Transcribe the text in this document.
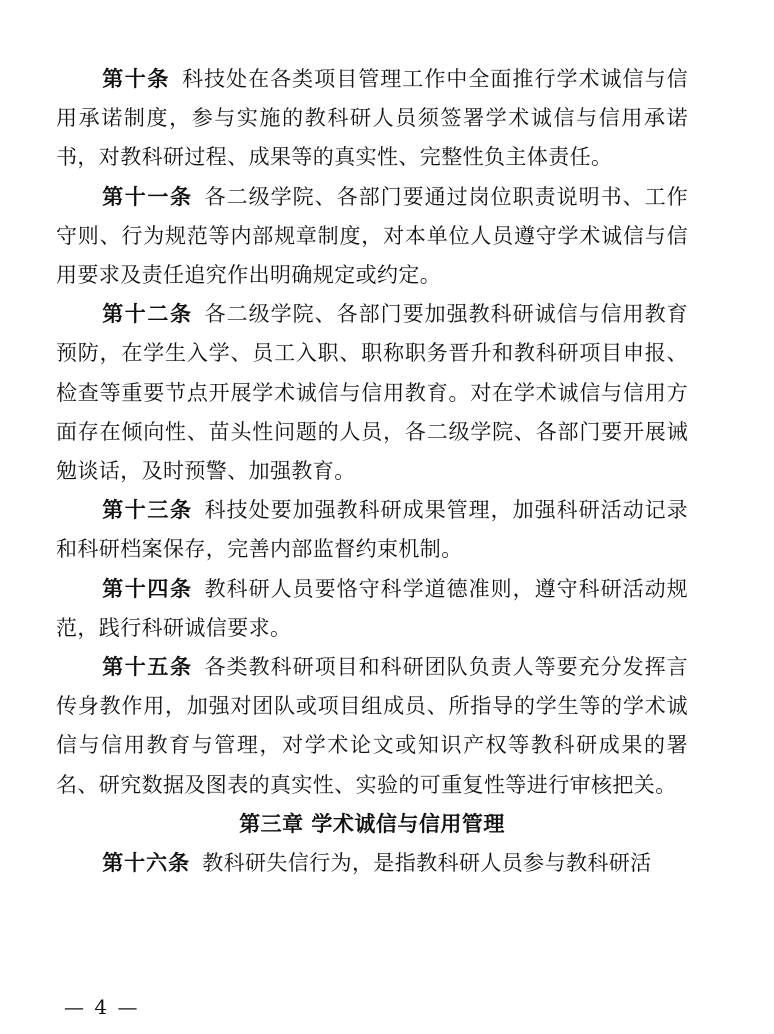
第十条 科技处在各类项目管理工作中全面推行学术诚信与信用承诺制度，参与实施的教科研人员须签署学术诚信与信用承诺书，对教科研过程、成果等的真实性、完整性负主体责任。

第十一条 各二级学院、各部门要通过岗位职责说明书、工作守则、行为规范等内部规章制度，对本单位人员遵守学术诚信与信用要求及责任追究作出明确规定或约定。

第十二条 各二级学院、各部门要加强教科研诚信与信用教育预防，在学生入学、员工入职、职称职务晋升和教科研项目申报、检查等重要节点开展学术诚信与信用教育。对在学术诚信与信用方面存在倾向性、苗头性问题的人员，各二级学院、各部门要开展诫勉谈话，及时预警、加强教育。

第十三条 科技处要加强教科研成果管理，加强科研活动记录和科研档案保存，完善内部监督约束机制。

第十四条 教科研人员要恪守科学道德准则，遵守科研活动规范，践行科研诚信要求。

第十五条 各类教科研项目和科研团队负责人等要充分发挥言传身教作用，加强对团队或项目组成员、所指导的学生等的学术诚信与信用教育与管理，对学术论文或知识产权等教科研成果的署名、研究数据及图表的真实性、实验的可重复性等进行审核把关。

第三章 学术诚信与信用管理

第十六条 教科研失信行为，是指教科研人员参与教科研活

— 4 —
